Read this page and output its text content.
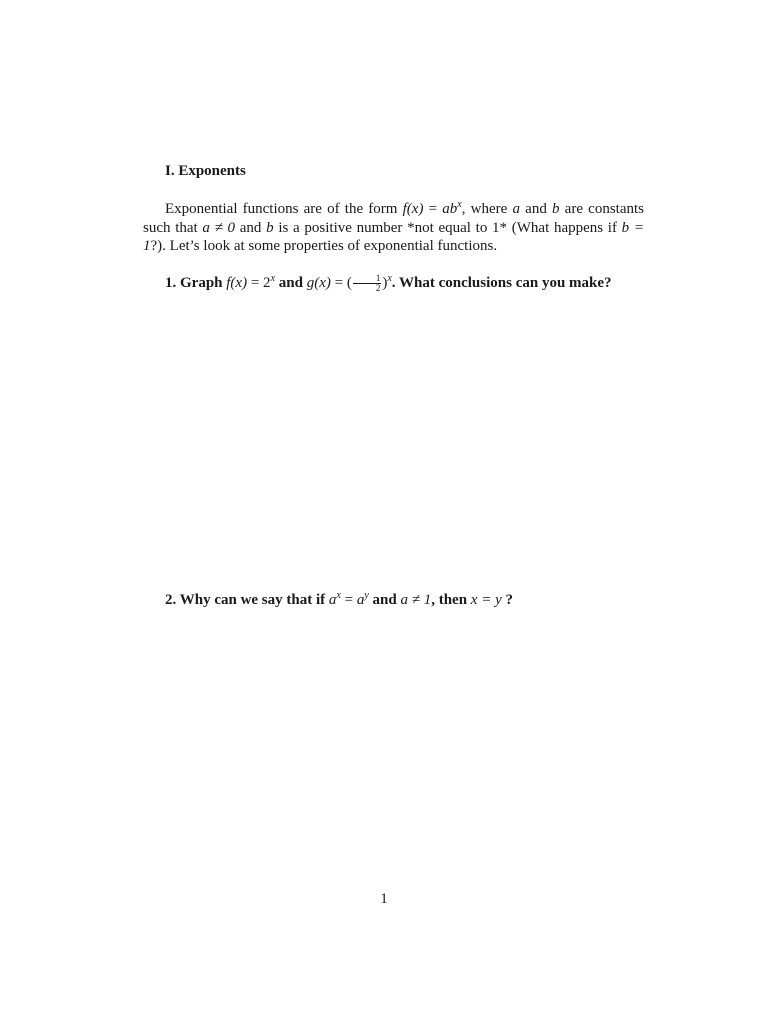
I. Exponents

Exponential functions are of the form $f(x) = ab^x$, where a and b are constants such that a ≠ 0 and b is a positive number *not equal to 1* (What happens if b = 1?). Let’s look at some properties of exponential functions.

1. Graph $f(x) = 2^x$ and g(x) = ( $\frac{1}{2} )^x$. What conclusions can you make?

2. Why can we say that if $a^x = a^y$ and a ≠ 1, then x = y ?

1
